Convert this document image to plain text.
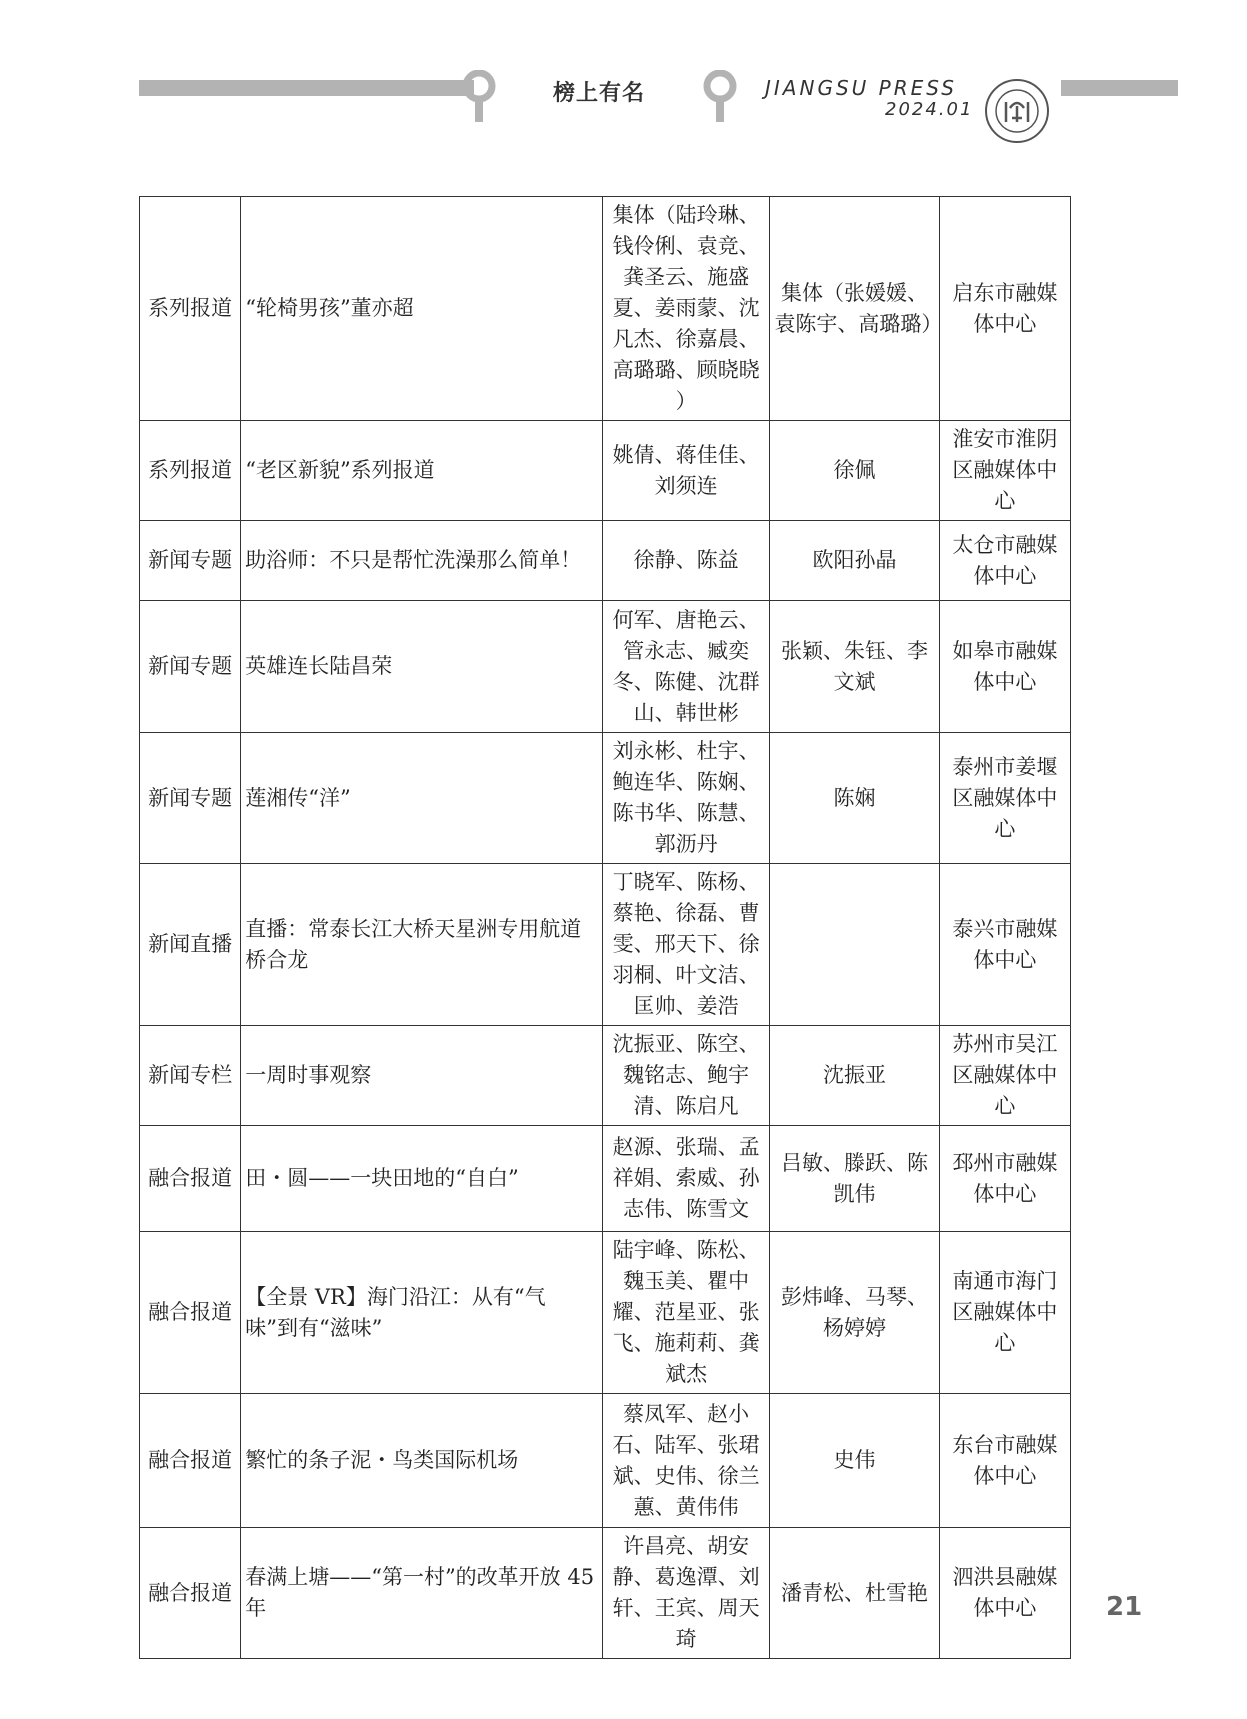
榜上有名	JIANGSU PRESS
2024.01
系列报道	“轮椅男孩”董亦超	集体（陆玲琳、钱伶俐、袁竞、龚圣云、施盛夏、姜雨蒙、沈凡杰、徐嘉晨、高璐璐、顾晓晓 ）	集体（张媛媛、袁陈宇、高璐璐）	启东市融媒体中心
系列报道	“老区新貌”系列报道	姚倩、蒋佳佳、刘须连	徐佩	淮安市淮阴区融媒体中心
新闻专题	助浴师：不只是帮忙洗澡那么简单！	徐静、陈益	欧阳孙晶	太仓市融媒体中心
新闻专题	英雄连长陆昌荣	何军、唐艳云、管永志、臧奕冬、陈健、沈群山、韩世彬	张颖、朱钰、李文斌	如皋市融媒体中心
新闻专题	莲湘传“洋”	刘永彬、杜宇、鲍连华、陈娴、陈书华、陈慧、郭沥丹	陈娴	泰州市姜堰区融媒体中心
新闻直播	直播：常泰长江大桥天星洲专用航道桥合龙	丁晓军、陈杨、蔡艳、徐磊、曹雯、邢天下、徐羽桐、叶文洁、匡帅、姜浩		泰兴市融媒体中心
新闻专栏	一周时事观察	沈振亚、陈空、魏铭志、鲍宇清、陈启凡	沈振亚	苏州市吴江区融媒体中心
融合报道	田・圆——一块田地的“自白”	赵源、张瑞、孟祥娟、索威、孙志伟、陈雪文	吕敏、滕跃、陈凯伟	邳州市融媒体中心
融合报道	【全景 VR】海门沿江：从有“气味”到有“滋味”	陆宇峰、陈松、魏玉美、瞿中耀、范星亚、张飞、施莉莉、龚斌杰	彭炜峰、马琴、杨婷婷	南通市海门区融媒体中心
融合报道	繁忙的条子泥・鸟类国际机场	蔡凤军、赵小石、陆军、张珺斌、史伟、徐兰蕙、黄伟伟	史伟	东台市融媒体中心
融合报道	春满上塘——“第一村”的改革开放 45 年	许昌亮、胡安静、葛逸潭、刘轩、王宾、周天琦	潘青松、杜雪艳	泗洪县融媒体中心	21
